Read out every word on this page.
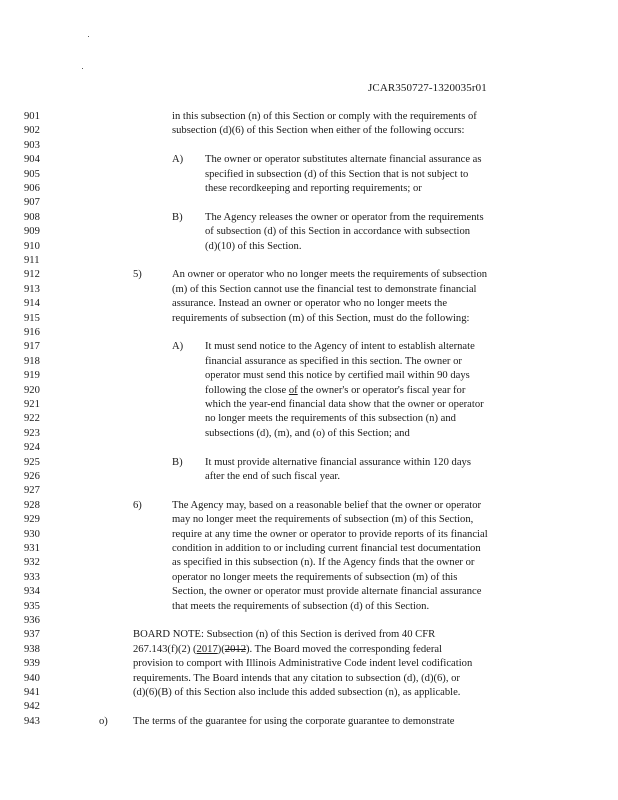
JCAR350727-1320035r01
901	in this subsection (n) of this Section or comply with the requirements of
902	subsection (d)(6) of this Section when either of the following occurs:
903
904	A) The owner or operator substitutes alternate financial assurance as
905	specified in subsection (d) of this Section that is not subject to
906	these recordkeeping and reporting requirements; or
907
908	B) The Agency releases the owner or operator from the requirements
909	of subsection (d) of this Section in accordance with subsection
910	(d)(10) of this Section.
911
912	5)	An owner or operator who no longer meets the requirements of subsection
913	(m) of this Section cannot use the financial test to demonstrate financial
914	assurance. Instead an owner or operator who no longer meets the
915	requirements of subsection (m) of this Section, must do the following:
916
917	A) It must send notice to the Agency of intent to establish alternate
918	financial assurance as specified in this section. The owner or
919	operator must send this notice by certified mail within 90 days
920	following the close of the owner's or operator's fiscal year for
921	which the year-end financial data show that the owner or operator
922	no longer meets the requirements of this subsection (n) and
923	subsections (d), (m), and (o) of this Section; and
924
925	B) It must provide alternative financial assurance within 120 days
926	after the end of such fiscal year.
927
928	6)	The Agency may, based on a reasonable belief that the owner or operator
929	may no longer meet the requirements of subsection (m) of this Section,
930	require at any time the owner or operator to provide reports of its financial
931	condition in addition to or including current financial test documentation
932	as specified in this subsection (n). If the Agency finds that the owner or
933	operator no longer meets the requirements of subsection (m) of this
934	Section, the owner or operator must provide alternate financial assurance
935	that meets the requirements of subsection (d) of this Section.
936
937	BOARD NOTE: Subsection (n) of this Section is derived from 40 CFR
938	267.143(f)(2) (2017)(2012). The Board moved the corresponding federal
939	provision to comport with Illinois Administrative Code indent level codification
940	requirements. The Board intends that any citation to subsection (d), (d)(6), or
941	(d)(6)(B) of this Section also include this added subsection (n), as applicable.
942
943	o) The terms of the guarantee for using the corporate guarantee to demonstrate
